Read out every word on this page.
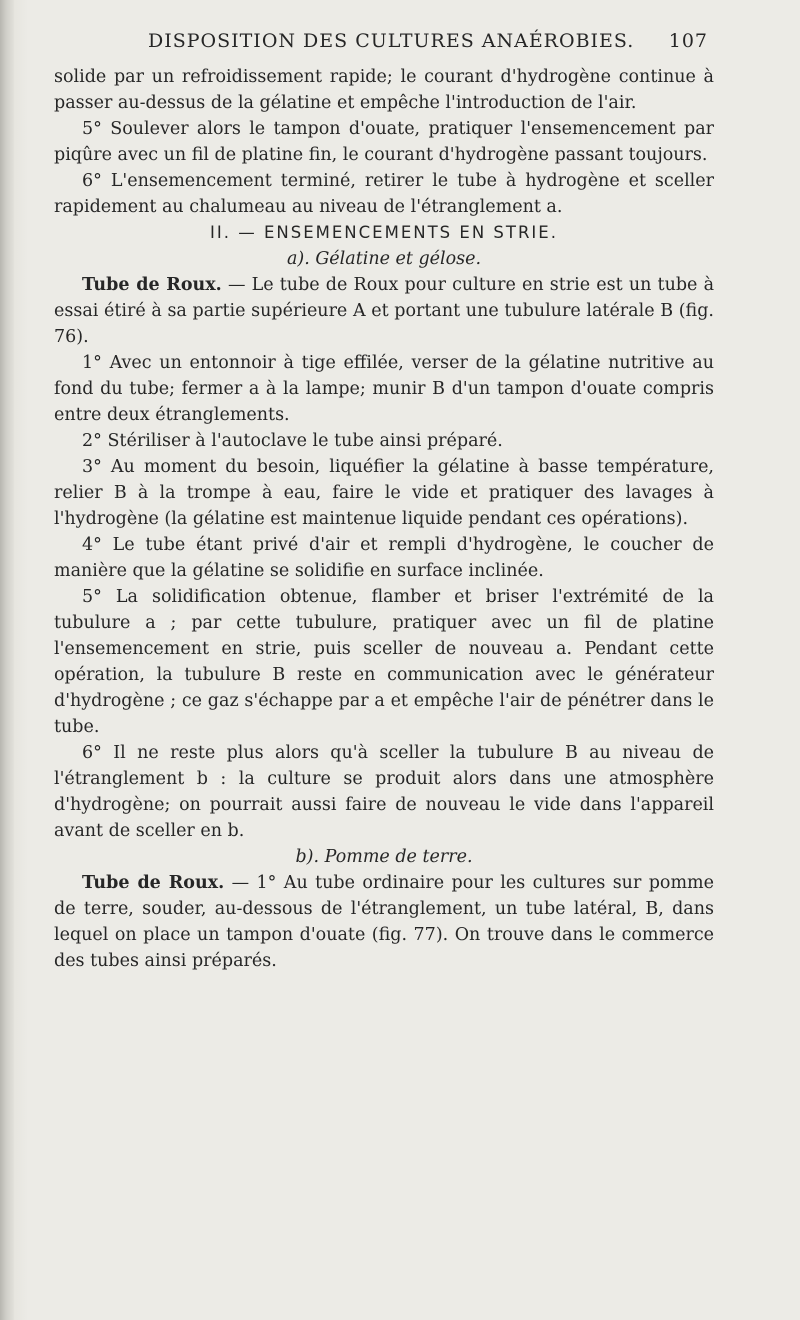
DISPOSITION DES CULTURES ANAÉROBIES. 107

solide par un refroidissement rapide; le courant d'hydrogène continue à passer au-dessus de la gélatine et empêche l'introduction de l'air.

5° Soulever alors le tampon d'ouate, pratiquer l'ensemencement par piqûre avec un fil de platine fin, le courant d'hydrogène passant toujours.

6° L'ensemencement terminé, retirer le tube à hydrogène et sceller rapidement au chalumeau au niveau de l'étranglement a.

II. — ENSEMENCEMENTS EN STRIE.

a). Gélatine et gélose.

Tube de Roux. — Le tube de Roux pour culture en strie est un tube à essai étiré à sa partie supérieure A et portant une tubulure latérale B (fig. 76).

1° Avec un entonnoir à tige effilée, verser de la gélatine nutritive au fond du tube; fermer a à la lampe; munir B d'un tampon d'ouate compris entre deux étranglements.

2° Stériliser à l'autoclave le tube ainsi préparé.

3° Au moment du besoin, liquéfier la gélatine à basse température, relier B à la trompe à eau, faire le vide et pratiquer des lavages à l'hydrogène (la gélatine est maintenue liquide pendant ces opérations).

4° Le tube étant privé d'air et rempli d'hydrogène, le coucher de manière que la gélatine se solidifie en surface inclinée.

5° La solidification obtenue, flamber et briser l'extrémité de la tubulure a ; par cette tubulure, pratiquer avec un fil de platine l'ensemencement en strie, puis sceller de nouveau a. Pendant cette opération, la tubulure B reste en communication avec le générateur d'hydrogène ; ce gaz s'échappe par a et empêche l'air de pénétrer dans le tube.

6° Il ne reste plus alors qu'à sceller la tubulure B au niveau de l'étranglement b : la culture se produit alors dans une atmosphère d'hydrogène; on pourrait aussi faire de nouveau le vide dans l'appareil avant de sceller en b.

b). Pomme de terre.

Tube de Roux. — 1° Au tube ordinaire pour les cultures sur pomme de terre, souder, au-dessous de l'étranglement, un tube latéral, B, dans lequel on place un tampon d'ouate (fig. 77). On trouve dans le commerce des tubes ainsi préparés.
